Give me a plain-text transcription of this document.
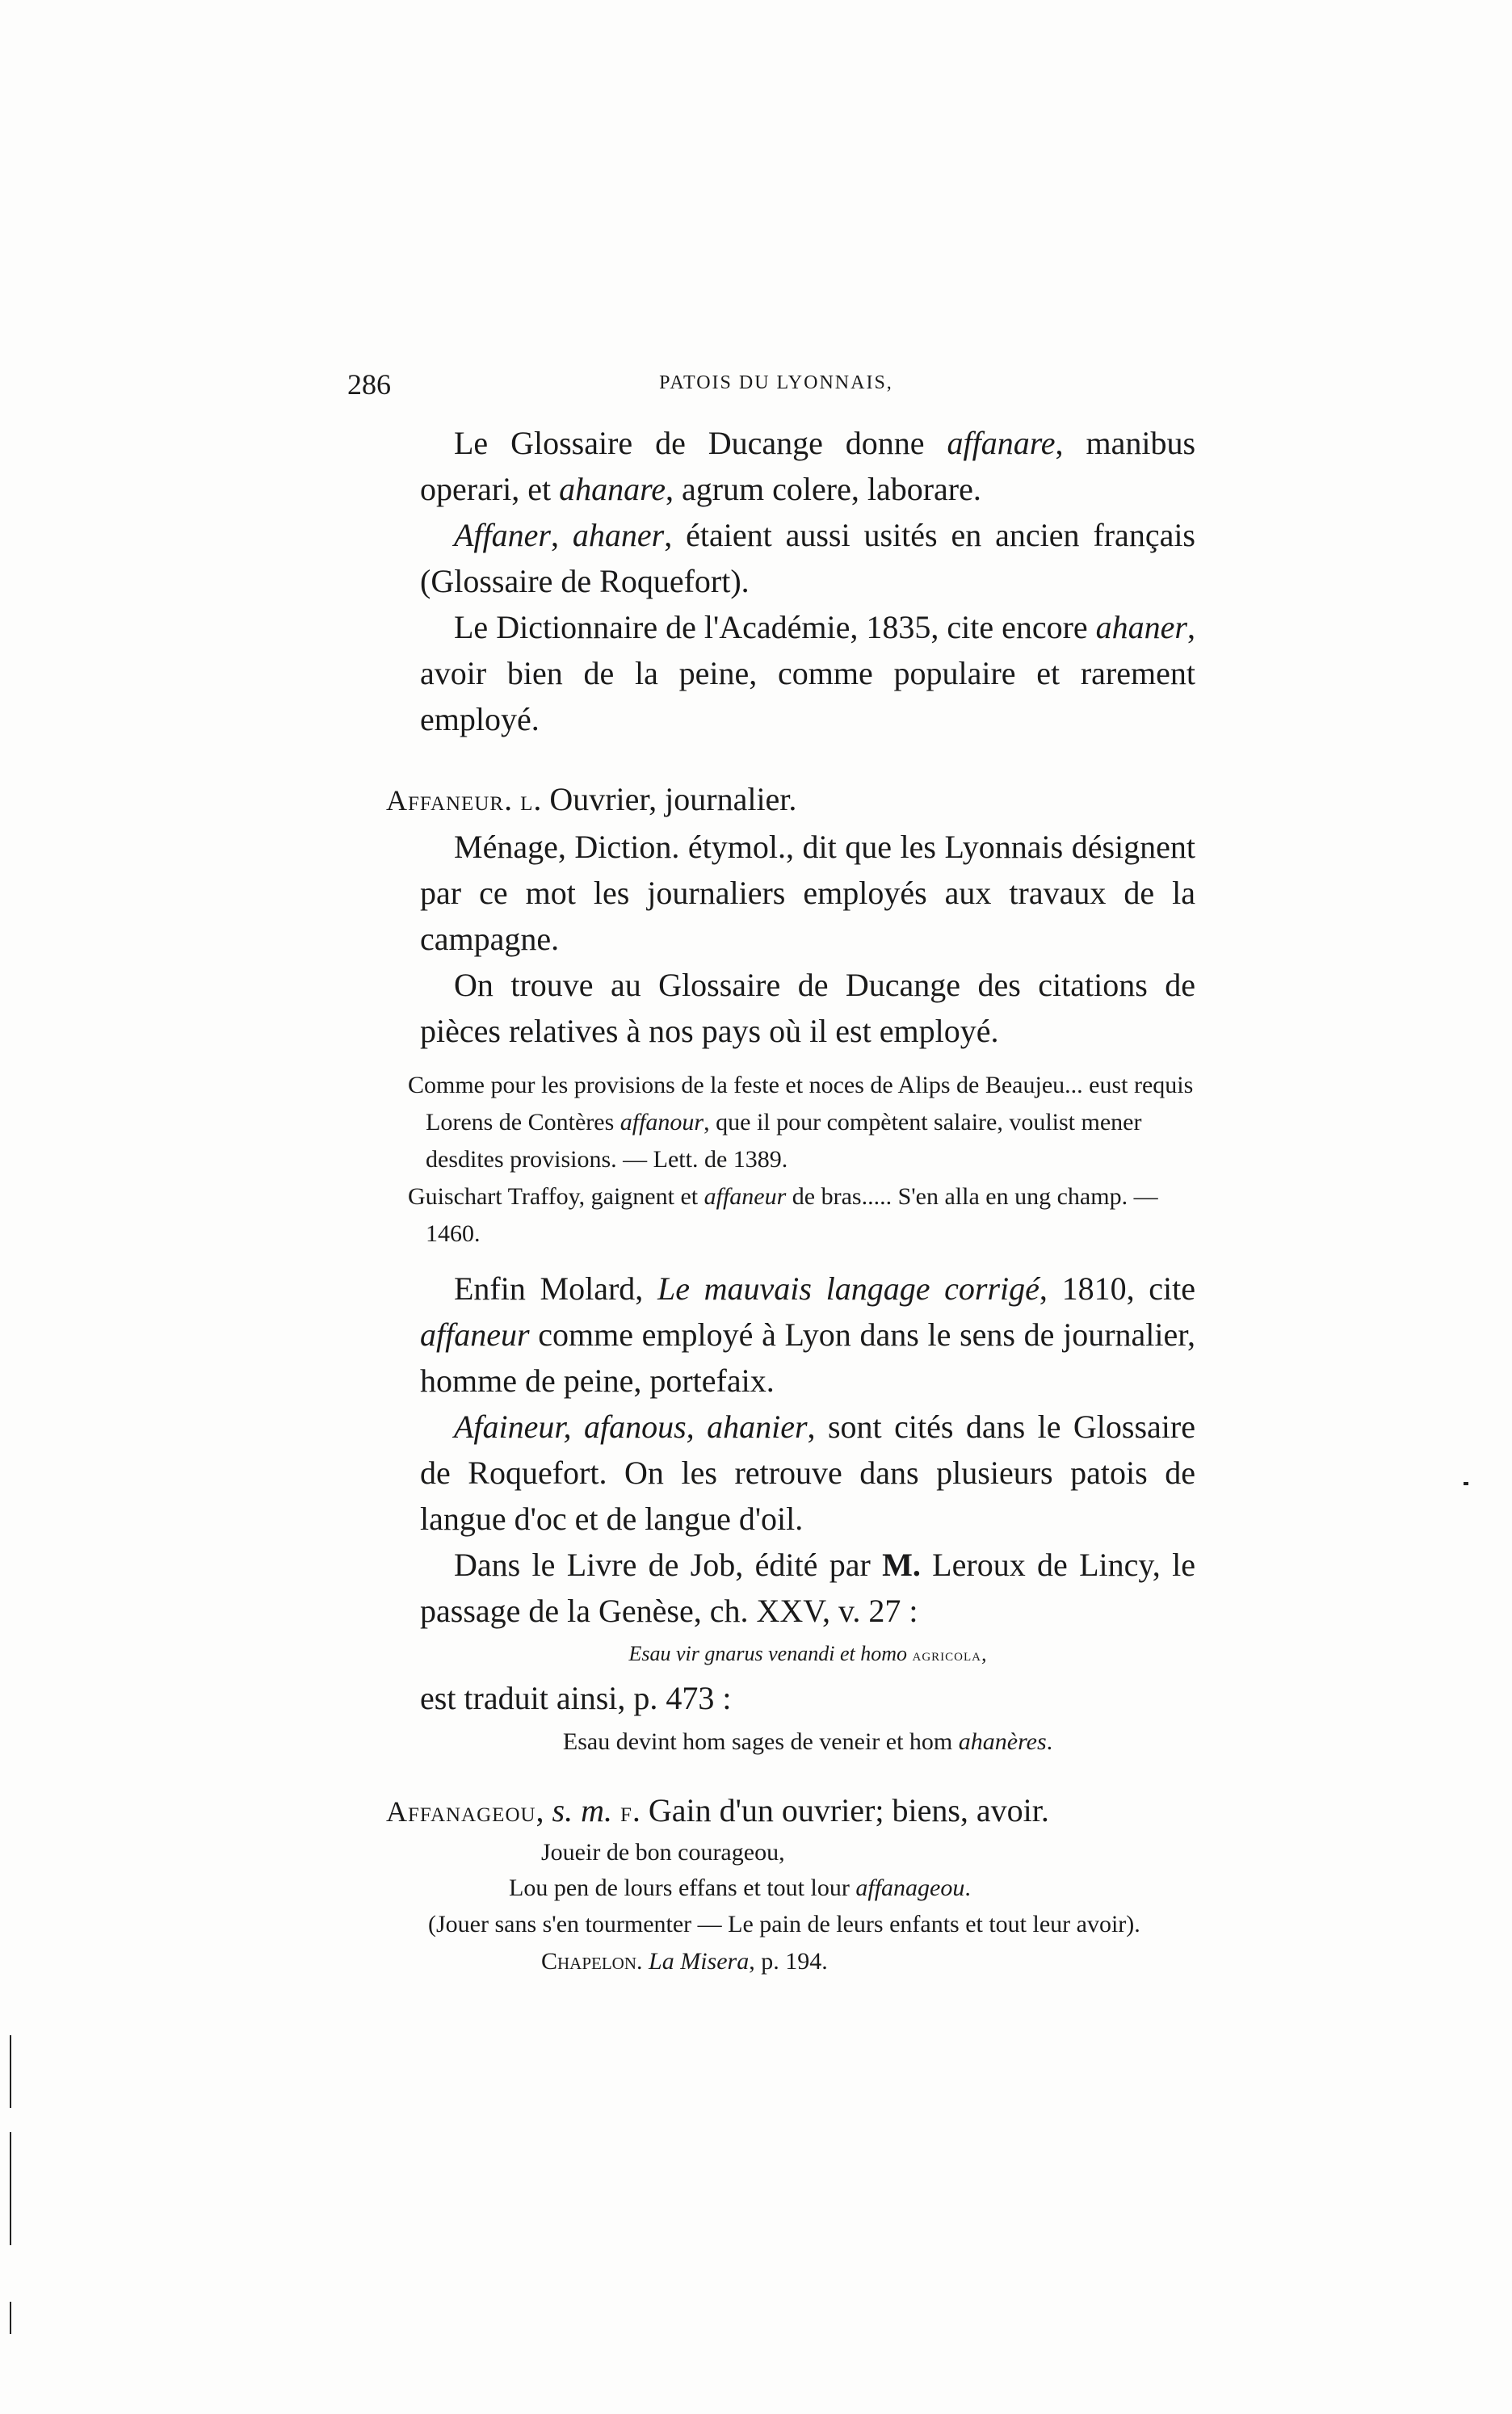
286	PATOIS DU LYONNAIS,

Le Glossaire de Ducange donne affanare, manibus operari, et ahanare, agrum colere, laborare.

Affaner, ahaner, étaient aussi usités en ancien français (Glossaire de Roquefort).

Le Dictionnaire de l'Académie, 1835, cite encore ahaner, avoir bien de la peine, comme populaire et rarement employé.

Affaneur. l. Ouvrier, journalier.

Ménage, Diction. étymol., dit que les Lyonnais désignent par ce mot les journaliers employés aux travaux de la campagne.

On trouve au Glossaire de Ducange des citations de pièces relatives à nos pays où il est employé.

Comme pour les provisions de la feste et noces de Alips de Beaujeu... eust requis Lorens de Contères affanour, que il pour compètent salaire, voulist mener desdites provisions. — Lett. de 1389.
Guischart Traffoy, gaignent et affaneur de bras..... S'en alla en ung champ. — 1460.

Enfin Molard, Le mauvais langage corrigé, 1810, cite affaneur comme employé à Lyon dans le sens de journalier, homme de peine, portefaix.

Afaineur, afanous, ahanier, sont cités dans le Glossaire de Roquefort. On les retrouve dans plusieurs patois de langue d'oc et de langue d'oil.

Dans le Livre de Job, édité par M. Leroux de Lincy, le passage de la Genèse, ch. XXV, v. 27 :

Esau vir gnarus venandi et homo agricola,

est traduit ainsi, p. 473 :

Esau devint hom sages de veneir et hom ahanères.

Affanageou, s. m. f. Gain d'un ouvrier; biens, avoir.

Joueir de bon courageou,
Lou pen de lours effans et tout lour affanageou.
(Jouer sans s'en tourmenter — Le pain de leurs enfants et tout leur avoir).Chapelon. La Misera, p. 194.
